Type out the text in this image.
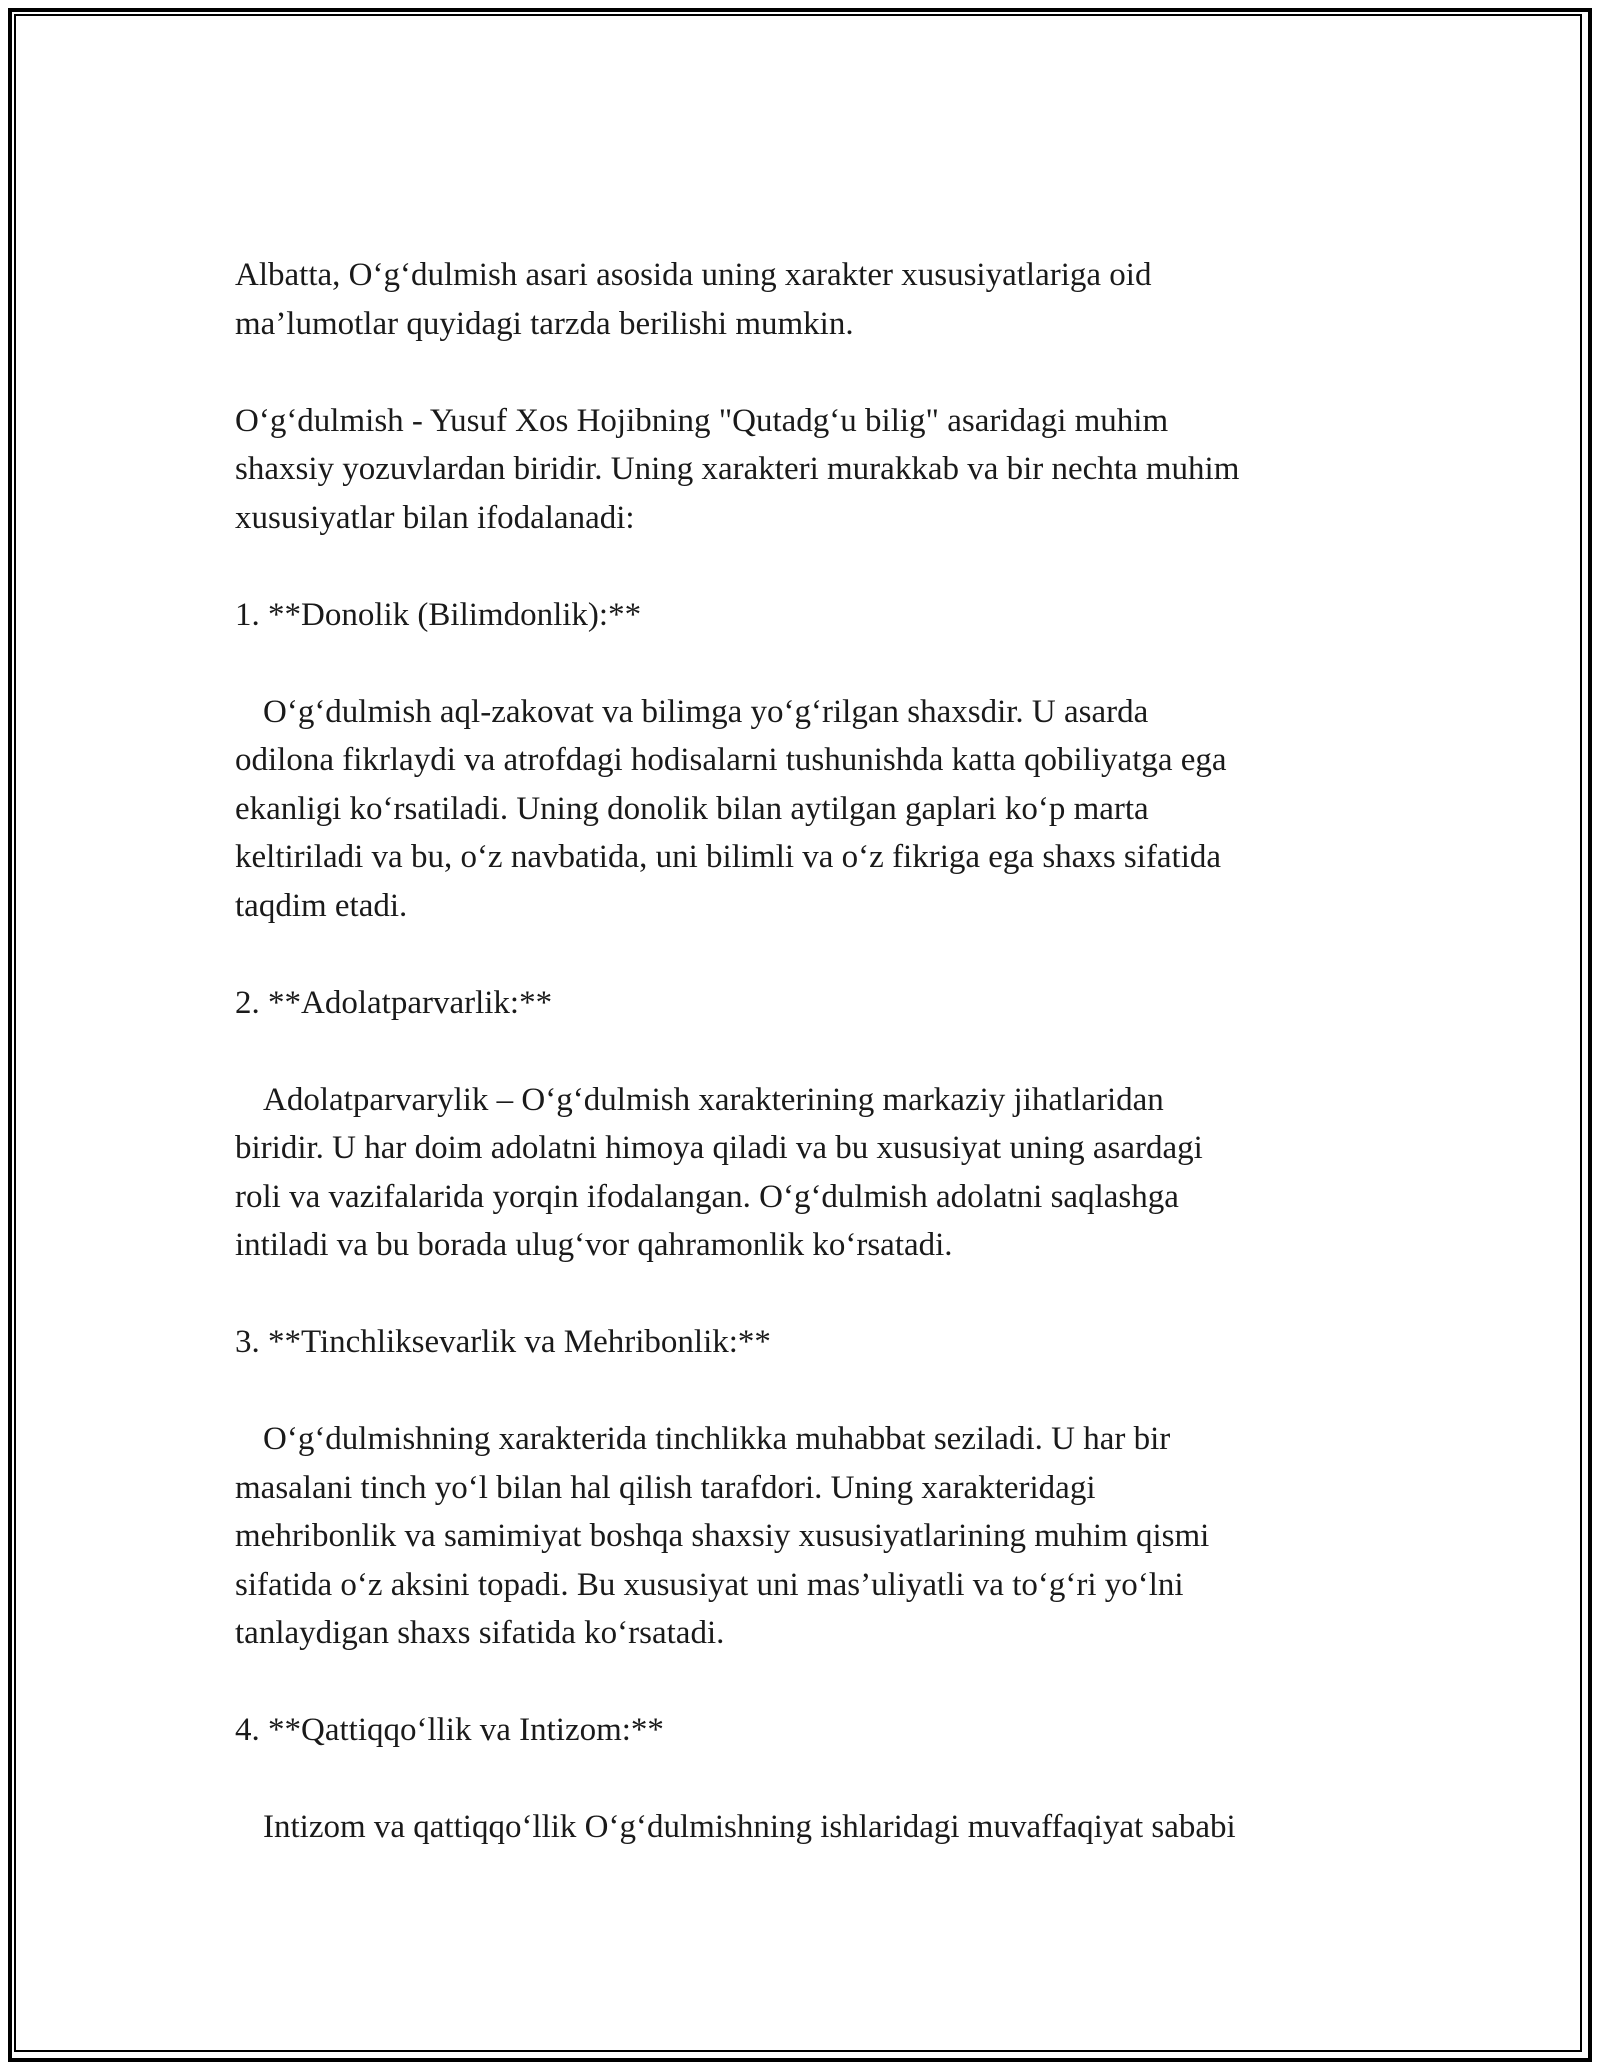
Albatta, O‘g‘dulmish asari asosida uning xarakter xususiyatlariga oid
ma’lumotlar quyidagi tarzda berilishi mumkin.

O‘g‘dulmish - Yusuf Xos Hojibning "Qutadg‘u bilig" asaridagi muhim
shaxsiy yozuvlardan biridir. Uning xarakteri murakkab va bir nechta muhim
xususiyatlar bilan ifodalanadi:

1. **Donolik (Bilimdonlik):**

O‘g‘dulmish aql-zakovat va bilimga yo‘g‘rilgan shaxsdir. U asarda
odilona fikrlaydi va atrofdagi hodisalarni tushunishda katta qobiliyatga ega
ekanligi ko‘rsatiladi. Uning donolik bilan aytilgan gaplari ko‘p marta
keltiriladi va bu, o‘z navbatida, uni bilimli va o‘z fikriga ega shaxs sifatida
taqdim etadi.

2. **Adolatparvarlik:**

Adolatparvarylik – O‘g‘dulmish xarakterining markaziy jihatlaridan
biridir. U har doim adolatni himoya qiladi va bu xususiyat uning asardagi
roli va vazifalarida yorqin ifodalangan. O‘g‘dulmish adolatni saqlashga
intiladi va bu borada ulug‘vor qahramonlik ko‘rsatadi.

3. **Tinchliksevarlik va Mehribonlik:**

O‘g‘dulmishning xarakterida tinchlikka muhabbat seziladi. U har bir
masalani tinch yo‘l bilan hal qilish tarafdori. Uning xarakteridagi
mehribonlik va samimiyat boshqa shaxsiy xususiyatlarining muhim qismi
sifatida o‘z aksini topadi. Bu xususiyat uni mas’uliyatli va to‘g‘ri yo‘lni
tanlaydigan shaxs sifatida ko‘rsatadi.

4. **Qattiqqo‘llik va Intizom:**

Intizom va qattiqqo‘llik O‘g‘dulmishning ishlaridagi muvaffaqiyat sababi
